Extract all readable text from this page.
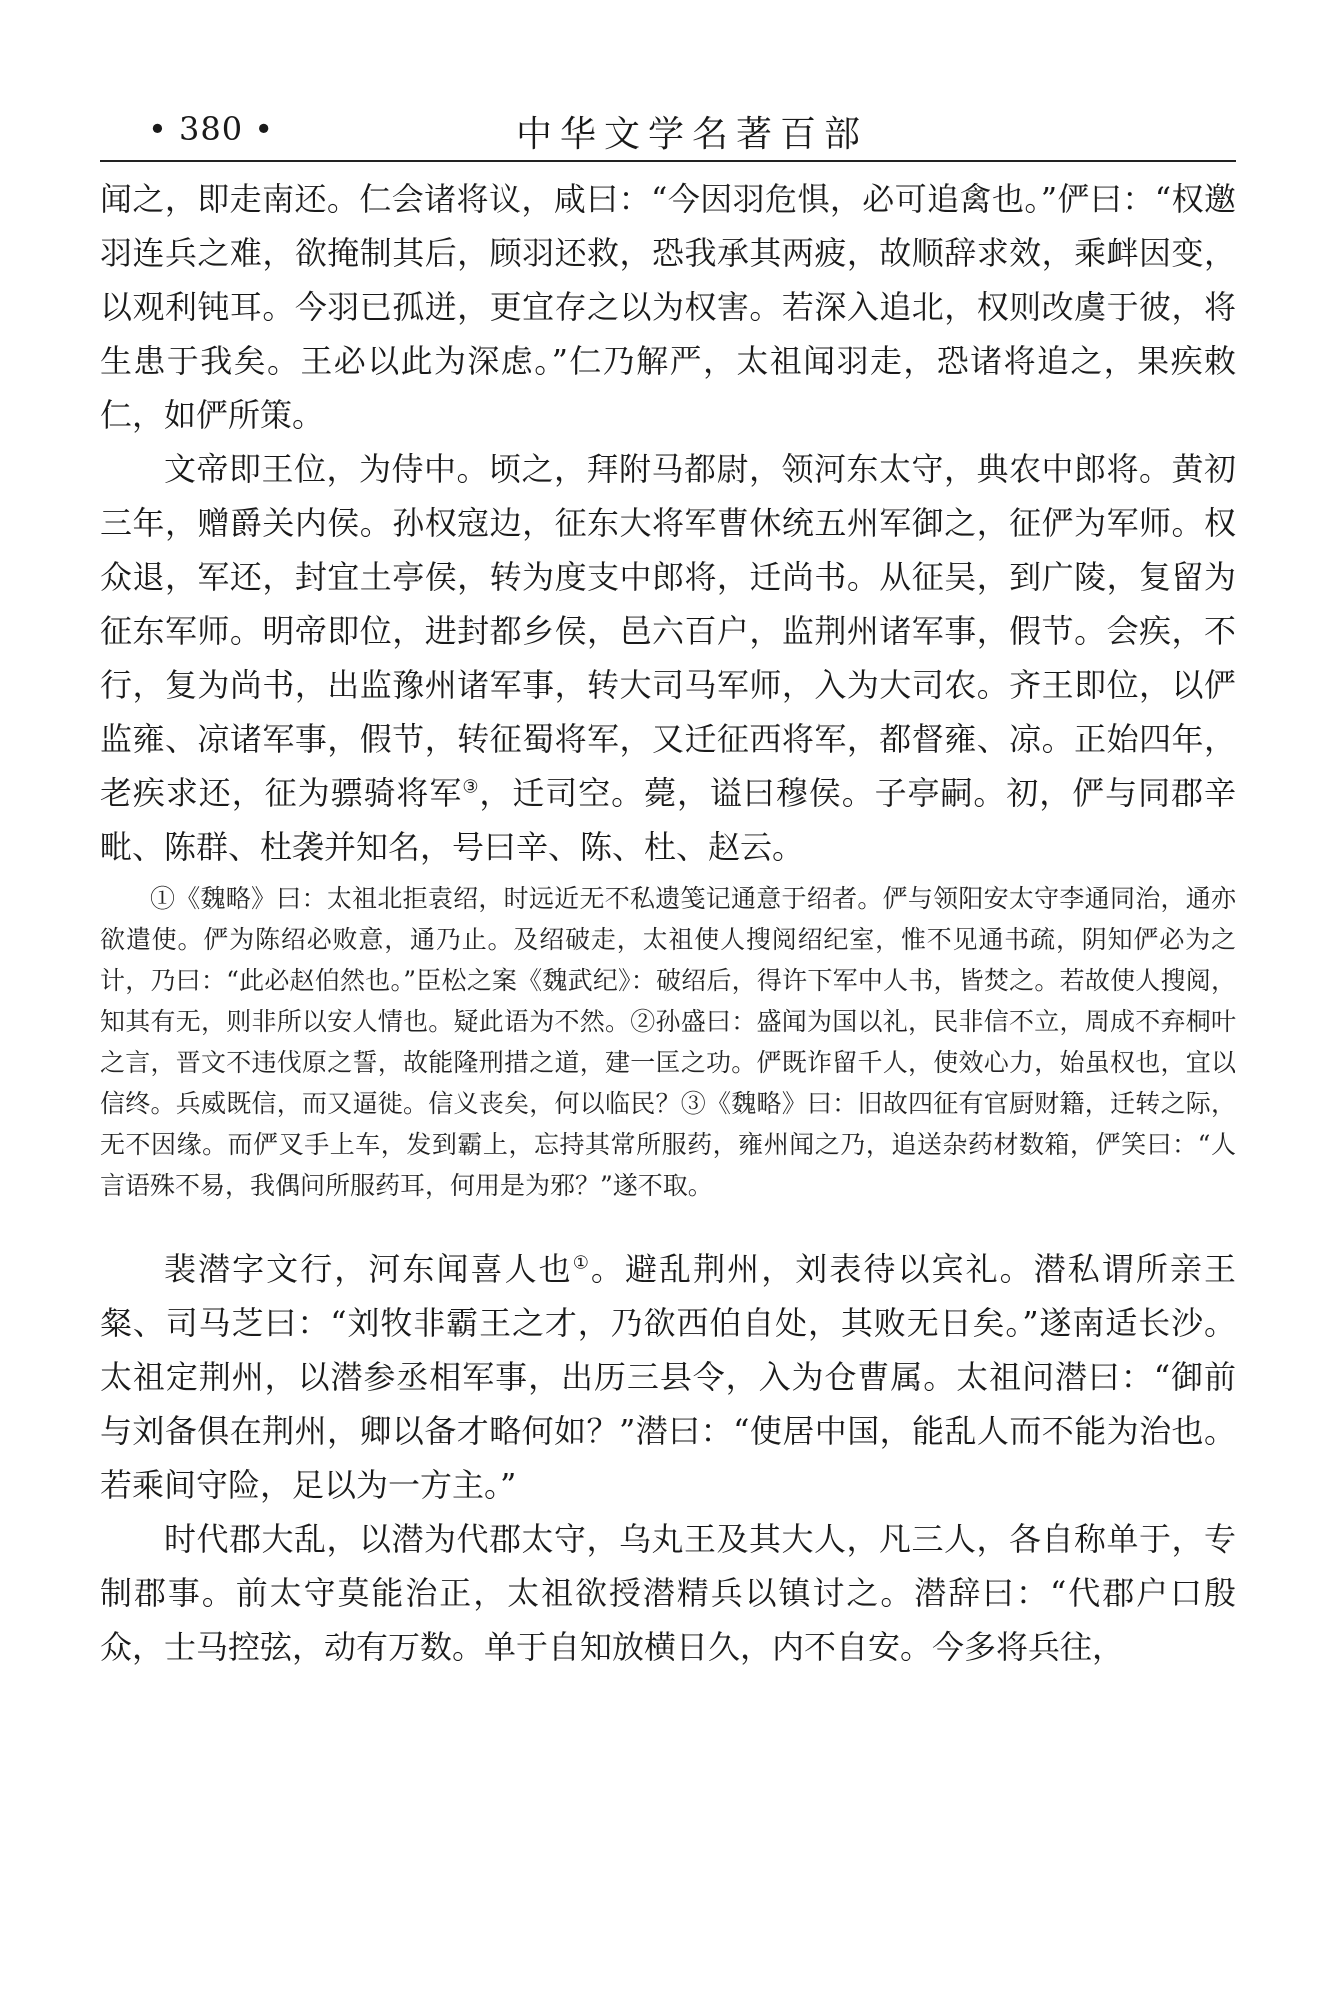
• 380 •	中华文学名著百部

闻之，即走南还。仁会诸将议，咸曰：“今因羽危惧，必可追禽也。”俨曰：“权邀羽连兵之难，欲掩制其后，顾羽还救，恐我承其两疲，故顺辞求效，乘衅因变，以观利钝耳。今羽已孤迸，更宜存之以为权害。若深入追北，权则改虞于彼，将生患于我矣。王必以此为深虑。”仁乃解严，太祖闻羽走，恐诸将追之，果疾敕仁，如俨所策。

文帝即王位，为侍中。顷之，拜附马都尉，领河东太守，典农中郎将。黄初三年，赠爵关内侯。孙权寇边，征东大将军曹休统五州军御之，征俨为军师。权众退，军还，封宜土亭侯，转为度支中郎将，迁尚书。从征吴，到广陵，复留为征东军师。明帝即位，进封都乡侯，邑六百户，监荆州诸军事，假节。会疾，不行，复为尚书，出监豫州诸军事，转大司马军师，入为大司农。齐王即位，以俨监雍、凉诸军事，假节，转征蜀将军，又迁征西将军，都督雍、凉。正始四年，老疾求还，征为骠骑将军③，迁司空。薨，谥曰穆侯。子亭嗣。初，俨与同郡辛毗、陈群、杜袭并知名，号曰辛、陈、杜、赵云。

①《魏略》曰：太祖北拒袁绍，时远近无不私遗笺记通意于绍者。俨与领阳安太守李通同治，通亦欲遣使。俨为陈绍必败意，通乃止。及绍破走，太祖使人搜阅绍纪室，惟不见通书疏，阴知俨必为之计，乃曰：“此必赵伯然也。”臣松之案《魏武纪》：破绍后，得许下军中人书，皆焚之。若故使人搜阅，知其有无，则非所以安人情也。疑此语为不然。②孙盛曰：盛闻为国以礼，民非信不立，周成不弃桐叶之言，晋文不违伐原之誓，故能隆刑措之道，建一匡之功。俨既诈留千人，使效心力，始虽权也，宜以信终。兵威既信，而又逼徙。信义丧矣，何以临民？③《魏略》曰：旧故四征有官厨财籍，迁转之际，无不因缘。而俨叉手上车，发到霸上，忘持其常所服药，雍州闻之乃，追送杂药材数箱，俨笑曰：“人言语殊不易，我偶问所服药耳，何用是为邪？”遂不取。

裴潜字文行，河东闻喜人也①。避乱荆州，刘表待以宾礼。潜私谓所亲王粲、司马芝曰：“刘牧非霸王之才，乃欲西伯自处，其败无日矣。”遂南适长沙。太祖定荆州，以潜参丞相军事，出历三县令，入为仓曹属。太祖问潜曰：“御前与刘备俱在荆州，卿以备才略何如？”潜曰：“使居中国，能乱人而不能为治也。若乘间守险，足以为一方主。”

时代郡大乱，以潜为代郡太守，乌丸王及其大人，凡三人，各自称单于，专制郡事。前太守莫能治正，太祖欲授潜精兵以镇讨之。潜辞曰：“代郡户口殷众，士马控弦，动有万数。单于自知放横日久，内不自安。今多将兵往，
